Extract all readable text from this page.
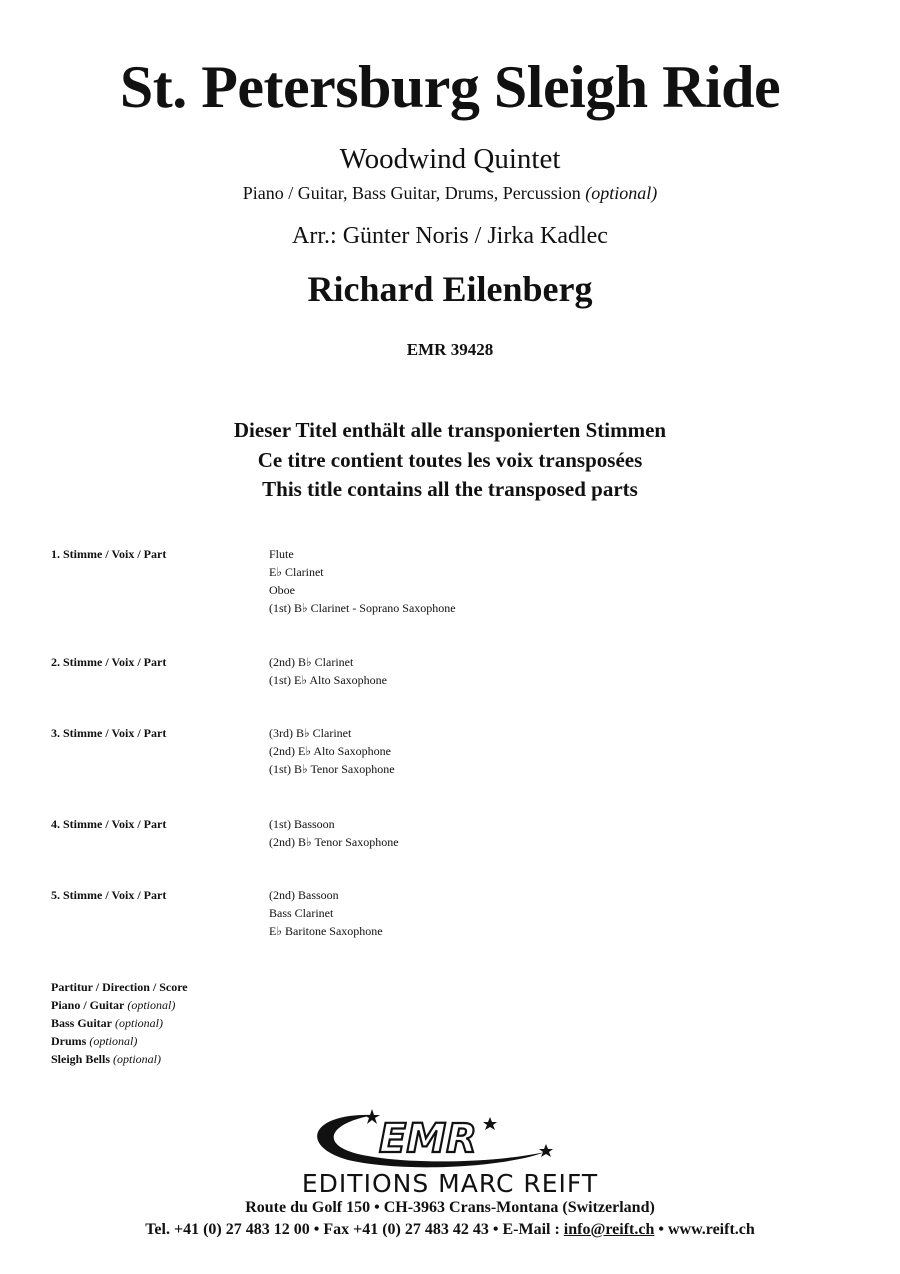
St. Petersburg Sleigh Ride
Woodwind Quintet
Piano / Guitar, Bass Guitar, Drums, Percussion (optional)
Arr.: Günter Noris / Jirka Kadlec
Richard Eilenberg
EMR 39428
Dieser Titel enthält alle transponierten Stimmen
Ce titre contient toutes les voix transposées
This title contains all the transposed parts
1. Stimme / Voix / Part	Flute
E♭ Clarinet
Oboe
(1st) B♭ Clarinet - Soprano Saxophone
2. Stimme / Voix / Part	(2nd) B♭ Clarinet
(1st) E♭ Alto Saxophone
3. Stimme / Voix / Part	(3rd) B♭ Clarinet
(2nd) E♭ Alto Saxophone
(1st) B♭ Tenor Saxophone
4. Stimme / Voix / Part	(1st) Bassoon
(2nd) B♭ Tenor Saxophone
5. Stimme / Voix / Part	(2nd) Bassoon
Bass Clarinet
E♭ Baritone Saxophone
Partitur / Direction / Score
Piano / Guitar (optional)
Bass Guitar (optional)
Drums (optional)
Sleigh Bells (optional)
EMR
EDITIONS MARC REIFT
Route du Golf 150 • CH-3963 Crans-Montana (Switzerland)
Tel. +41 (0) 27 483 12 00 • Fax +41 (0) 27 483 42 43 • E-Mail : info@reift.ch • www.reift.ch
